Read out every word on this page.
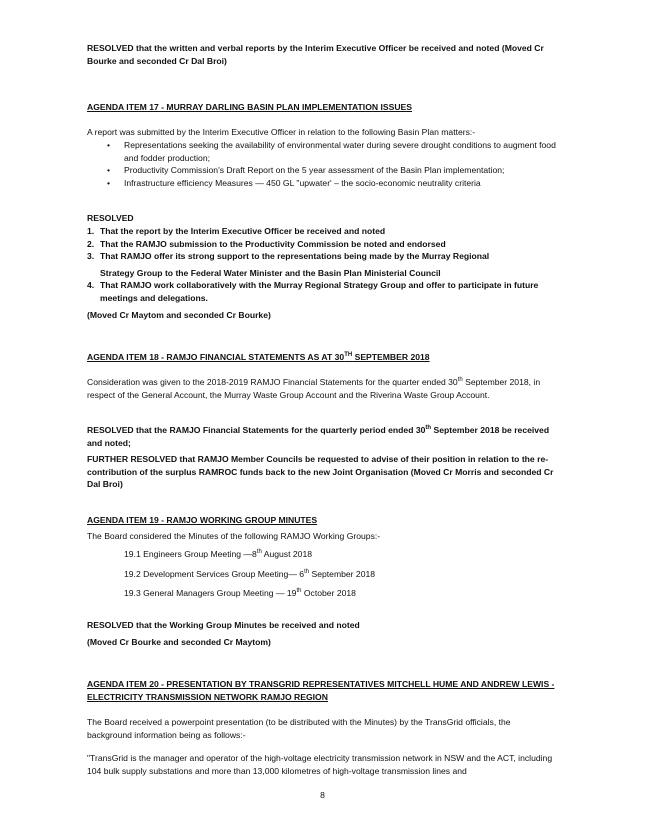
RESOLVED that the written and verbal reports by the Interim Executive Officer be received and noted (Moved Cr Bourke and seconded Cr Dal Broi)
AGENDA ITEM 17 - MURRAY DARLING BASIN PLAN IMPLEMENTATION ISSUES
A report was submitted by the Interim Executive Officer in relation to the following Basin Plan matters:-
• Representations seeking the availability of environmental water during severe drought conditions to augment food and fodder production;
• Productivity Commission's Draft Report on the 5 year assessment of the Basin Plan implementation;
• Infrastructure efficiency Measures — 450 GL "upwater' – the socio-economic neutrality criteria
RESOLVED
1. That the report by the Interim Executive Officer be received and noted
2. That the RAMJO submission to the Productivity Commission be noted and endorsed
3. That RAMJO offer its strong support to the representations being made by the Murray Regional
Strategy Group to the Federal Water Minister and the Basin Plan Ministerial Council
4. That RAMJO work collaboratively with the Murray Regional Strategy Group and offer to participate in future meetings and delegations.
(Moved Cr Maytom and seconded Cr Bourke)
AGENDA ITEM 18 - RAMJO FINANCIAL STATEMENTS AS AT 30TH SEPTEMBER 2018
Consideration was given to the 2018-2019 RAMJO Financial Statements for the quarter ended 30th September 2018, in respect of the General Account, the Murray Waste Group Account and the Riverina Waste Group Account.
RESOLVED that the RAMJO Financial Statements for the quarterly period ended 30th September 2018 be received and noted;
FURTHER RESOLVED that RAMJO Member Councils be requested to advise of their position in relation to the re-contribution of the surplus RAMROC funds back to the new Joint Organisation (Moved Cr Morris and seconded Cr Dal Broi)
AGENDA ITEM 19 - RAMJO WORKING GROUP MINUTES
The Board considered the Minutes of the following RAMJO Working Groups:-
19.1 Engineers Group Meeting —8th August 2018
19.2 Development Services Group Meeting— 6th September 2018
19.3 General Managers Group Meeting — 19th October 2018
RESOLVED that the Working Group Minutes be received and noted
(Moved Cr Bourke and seconded Cr Maytom)
AGENDA ITEM 20 - PRESENTATION BY TRANSGRID REPRESENTATIVES MITCHELL HUME AND ANDREW LEWIS - ELECTRICITY TRANSMISSION NETWORK RAMJO REGION
The Board received a powerpoint presentation (to be distributed with the Minutes) by the TransGrid officials, the background information being as follows:-
"TransGrid is the manager and operator of the high-voltage electricity transmission network in NSW and the ACT, including 104 bulk supply substations and more than 13,000 kilometres of high-voltage transmission lines and
8
